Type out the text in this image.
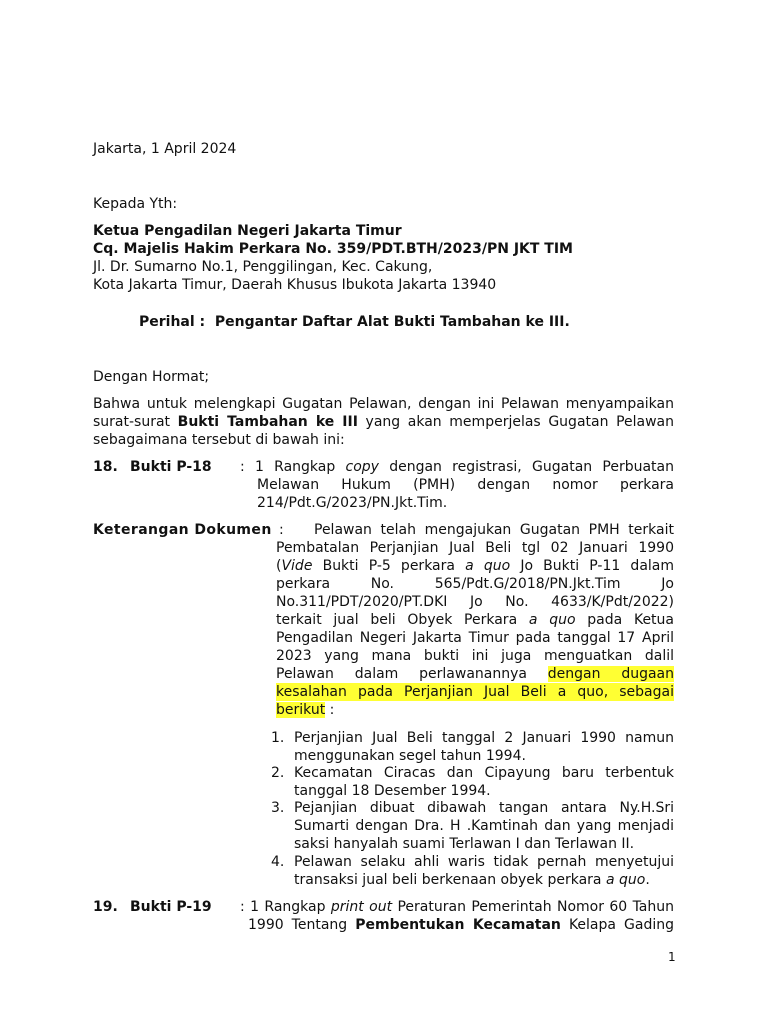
Jakarta, 1 April 2024
Kepada Yth:
Ketua Pengadilan Negeri Jakarta Timur
Cq. Majelis Hakim Perkara No. 359/PDT.BTH/2023/PN JKT TIM
Jl. Dr. Sumarno No.1, Penggilingan, Kec. Cakung,
Kota Jakarta Timur, Daerah Khusus Ibukota Jakarta 13940
Perihal : Pengantar Daftar Alat Bukti Tambahan ke III.
Dengan Hormat;
Bahwa untuk melengkapi Gugatan Pelawan, dengan ini Pelawan menyampaikan
surat-surat Bukti Tambahan ke III yang akan memperjelas Gugatan Pelawan
sebagaimana tersebut di bawah ini:
18. Bukti P-18 : 1 Rangkap copy dengan registrasi, Gugatan Perbuatan
Melawan Hukum (PMH) dengan nomor perkara
214/Pdt.G/2023/PN.Jkt.Tim.
Keterangan Dokumen : Pelawan telah mengajukan Gugatan PMH terkait
Pembatalan Perjanjian Jual Beli tgl 02 Januari 1990
(Vide Bukti P-5 perkara a quo Jo Bukti P-11 dalam
perkara No. 565/Pdt.G/2018/PN.Jkt.Tim Jo
No.311/PDT/2020/PT.DKI Jo No. 4633/K/Pdt/2022)
terkait jual beli Obyek Perkara a quo pada Ketua
Pengadilan Negeri Jakarta Timur pada tanggal 17 April
2023 yang mana bukti ini juga menguatkan dalil
Pelawan dalam perlawanannya dengan dugaan
kesalahan pada Perjanjian Jual Beli a quo, sebagai
berikut :
1. Perjanjian Jual Beli tanggal 2 Januari 1990 namun
menggunakan segel tahun 1994.
2. Kecamatan Ciracas dan Cipayung baru terbentuk
tanggal 18 Desember 1994.
3. Pejanjian dibuat dibawah tangan antara Ny.H.Sri
Sumarti dengan Dra. H .Kamtinah dan yang menjadi
saksi hanyalah suami Terlawan I dan Terlawan II.
4. Pelawan selaku ahli waris tidak pernah menyetujui
transaksi jual beli berkenaan obyek perkara a quo.
19. Bukti P-19 : 1 Rangkap print out Peraturan Pemerintah Nomor 60 Tahun
1990 Tentang Pembentukan Kecamatan Kelapa Gading
1
